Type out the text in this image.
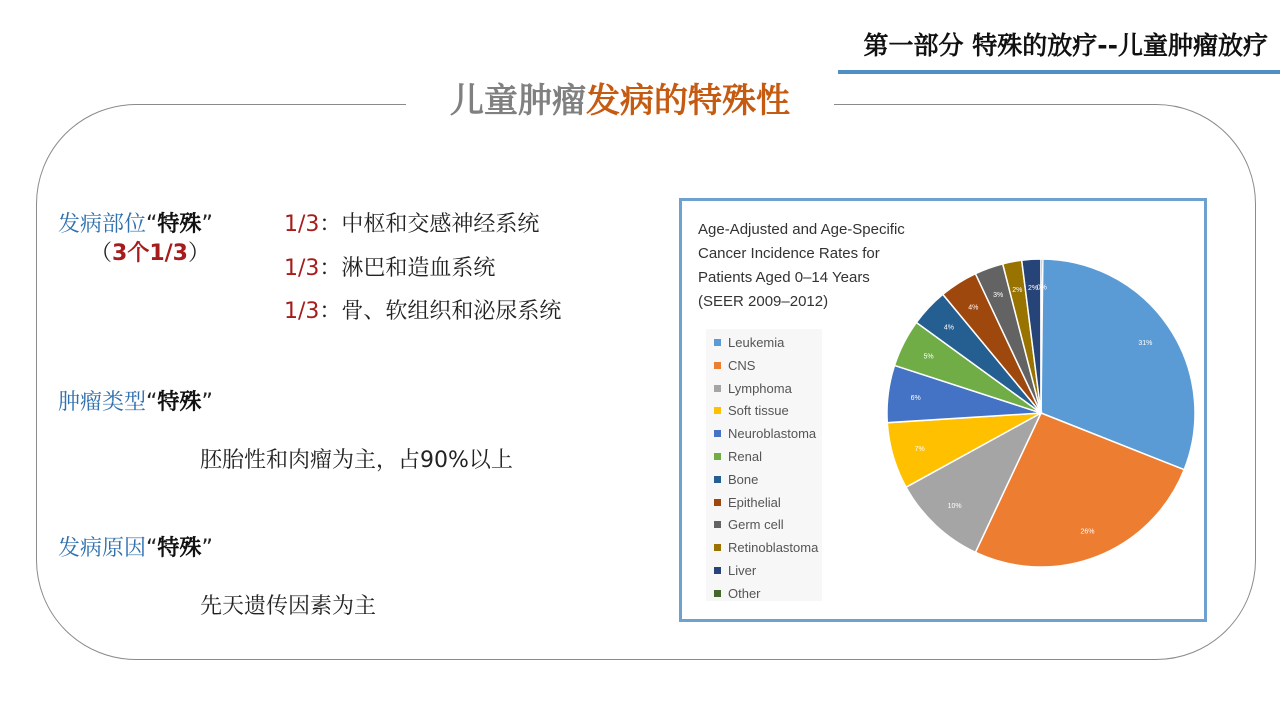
第一部分 特殊的放疗--儿童肿瘤放疗
儿童肿瘤发病的特殊性
发病部位“特殊”
（3个1/3）
1/3：中枢和交感神经系统
1/3：淋巴和造血系统
1/3：骨、软组织和泌尿系统
肿瘤类型“特殊”
胚胎性和肉瘤为主，占90%以上
发病原因“特殊”
先天遗传因素为主
Age-Adjusted and Age-Specific
Cancer Incidence Rates for
Patients Aged 0–14 Years
(SEER 2009–2012)
Leukemia
CNS
Lymphoma
Soft tissue
Neuroblastoma
Renal
Bone
Epithelial
Germ cell
Retinoblastoma
Liver
Other
31%
26%
10%
7%
6%
5%
4%
4%
3%
2% 2%
0%
